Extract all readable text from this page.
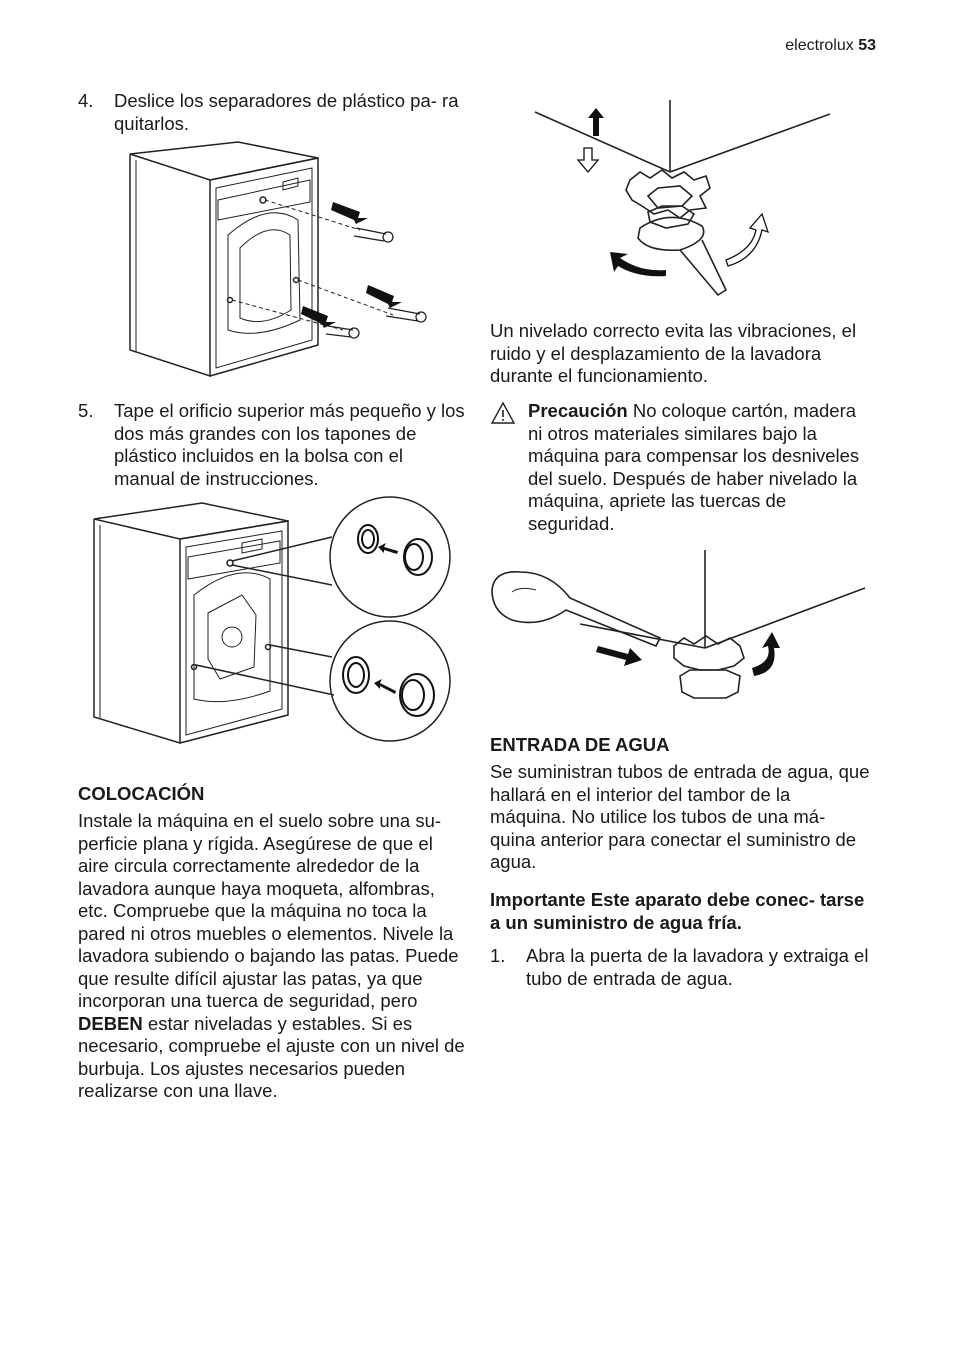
electrolux 53
4.	Deslice los separadores de plástico pa- ra quitarlos.
5.	Tape el orificio superior más pequeño y los dos más grandes con los tapones de plástico incluidos en la bolsa con el manual de instrucciones.
COLOCACIÓN
Instale la máquina en el suelo sobre una su- perficie plana y rígida. Asegúrese de que el aire circula correctamente alrededor de la lavadora aunque haya moqueta, alfombras, etc. Compruebe que la máquina no toca la pared ni otros muebles o elementos. Nivele la lavadora subiendo o bajando las patas. Puede que resulte difícil ajustar las patas, ya que incorporan una tuerca de seguridad, pero DEBEN estar niveladas y estables. Si es necesario, compruebe el ajuste con un nivel de burbuja. Los ajustes necesarios pueden realizarse con una llave.
Un nivelado correcto evita las vibraciones, el ruido y el desplazamiento de la lavadora durante el funcionamiento.
Precaución No coloque cartón, madera ni otros materiales similares bajo la máquina para compensar los desniveles del suelo. Después de haber nivelado la máquina, apriete las tuercas de seguridad.
ENTRADA DE AGUA
Se suministran tubos de entrada de agua, que hallará en el interior del tambor de la máquina. No utilice los tubos de una má- quina anterior para conectar el suministro de agua.
Importante Este aparato debe conec- tarse a un suministro de agua fría.
1.	Abra la puerta de la lavadora y extraiga el tubo de entrada de agua.
